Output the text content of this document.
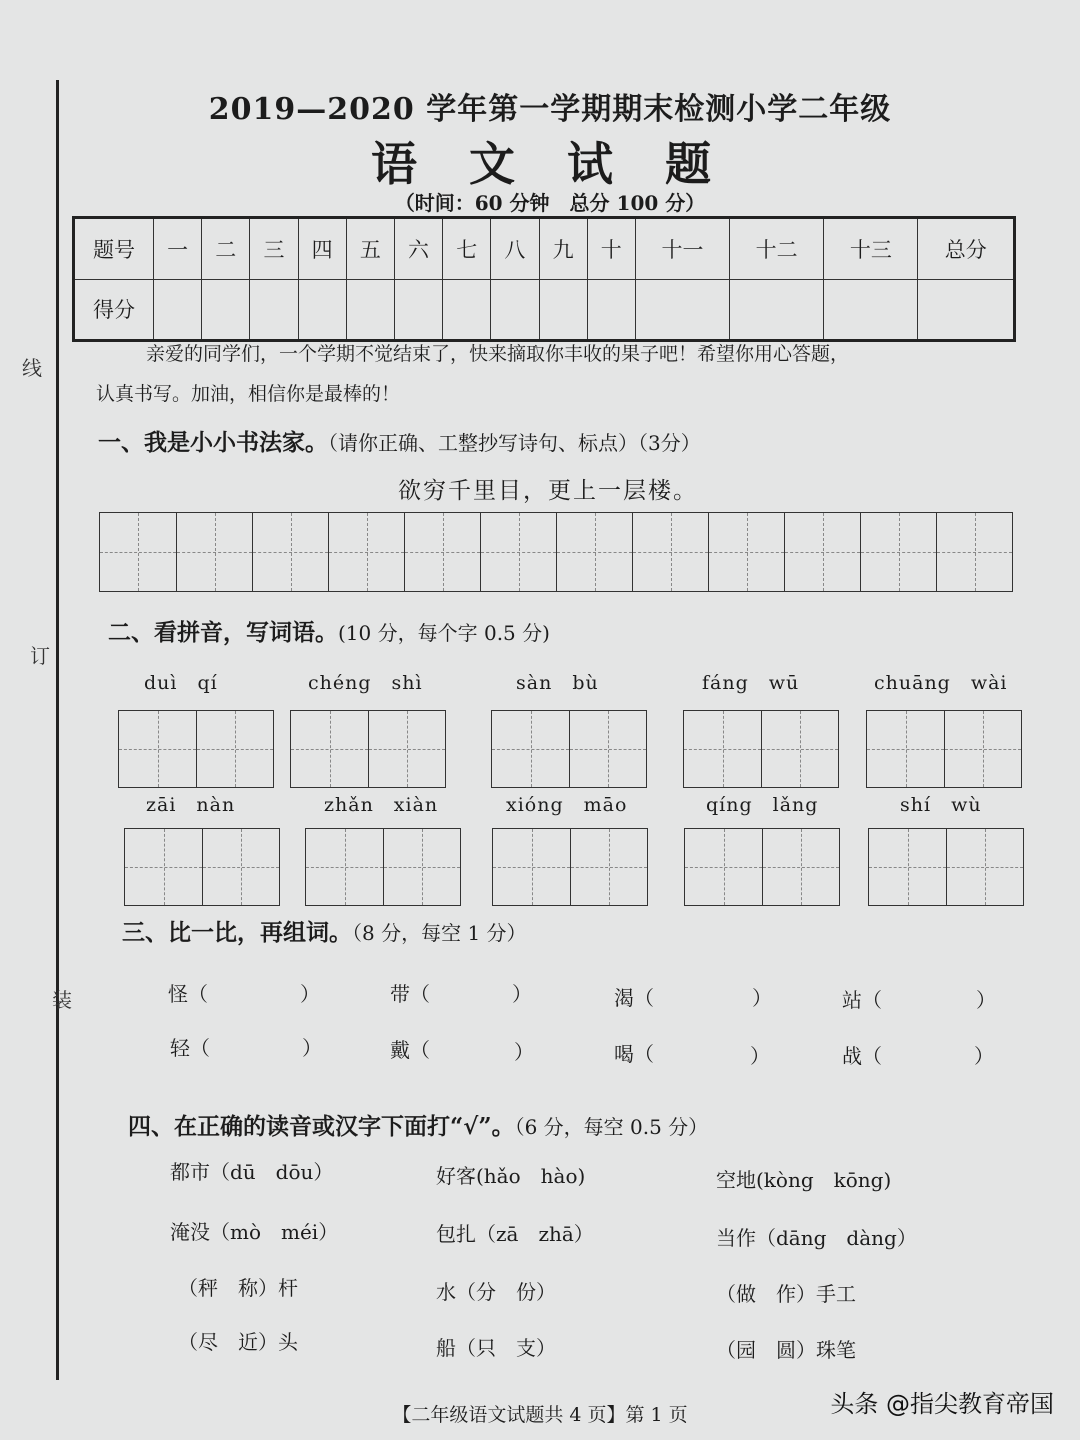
线
订
装
2019—2020 学年第一学期期末检测小学二年级
语 文 试 题
（时间：60 分钟　总分 100 分）
题号	一	二	三	四	五	六	七	八	九	十	十一	十二	十三	总分
得分														
亲爱的同学们，一个学期不觉结束了，快来摘取你丰收的果子吧！希望你用心答题，
认真书写。加油，相信你是最棒的！
一、我是小小书法家。（请你正确、工整抄写诗句、标点）（3分）
欲穷千里目，更上一层楼。
二、看拼音，写词语。(10 分，每个字 0.5 分)
duì　qí	chéng　shì	sàn　bù	fáng　wū	chuāng　wài
zāi　nàn	zhǎn　xiàn	xióng　māo	qíng　lǎng	shí　wù
三、比一比，再组词。（8 分，每空 1 分）
怪（	）	带（	）	渴（	）	站（	）
轻（	）	戴（	）	喝（	）	战（	）
四、在正确的读音或汉字下面打“√”。（6 分，每空 0.5 分）
都市（dū　dōu）	好客(hǎo　hào)	空地(kòng　kōng)
淹没（mò　méi）	包扎（zā　zhā）	当作（dāng　dàng）
（秤　称）杆	水（分　份）	（做　作）手工
（尽　近）头	船（只　支）	（园　圆）珠笔
【二年级语文试题共 4 页】第 1 页	头条 @指尖教育帝国
